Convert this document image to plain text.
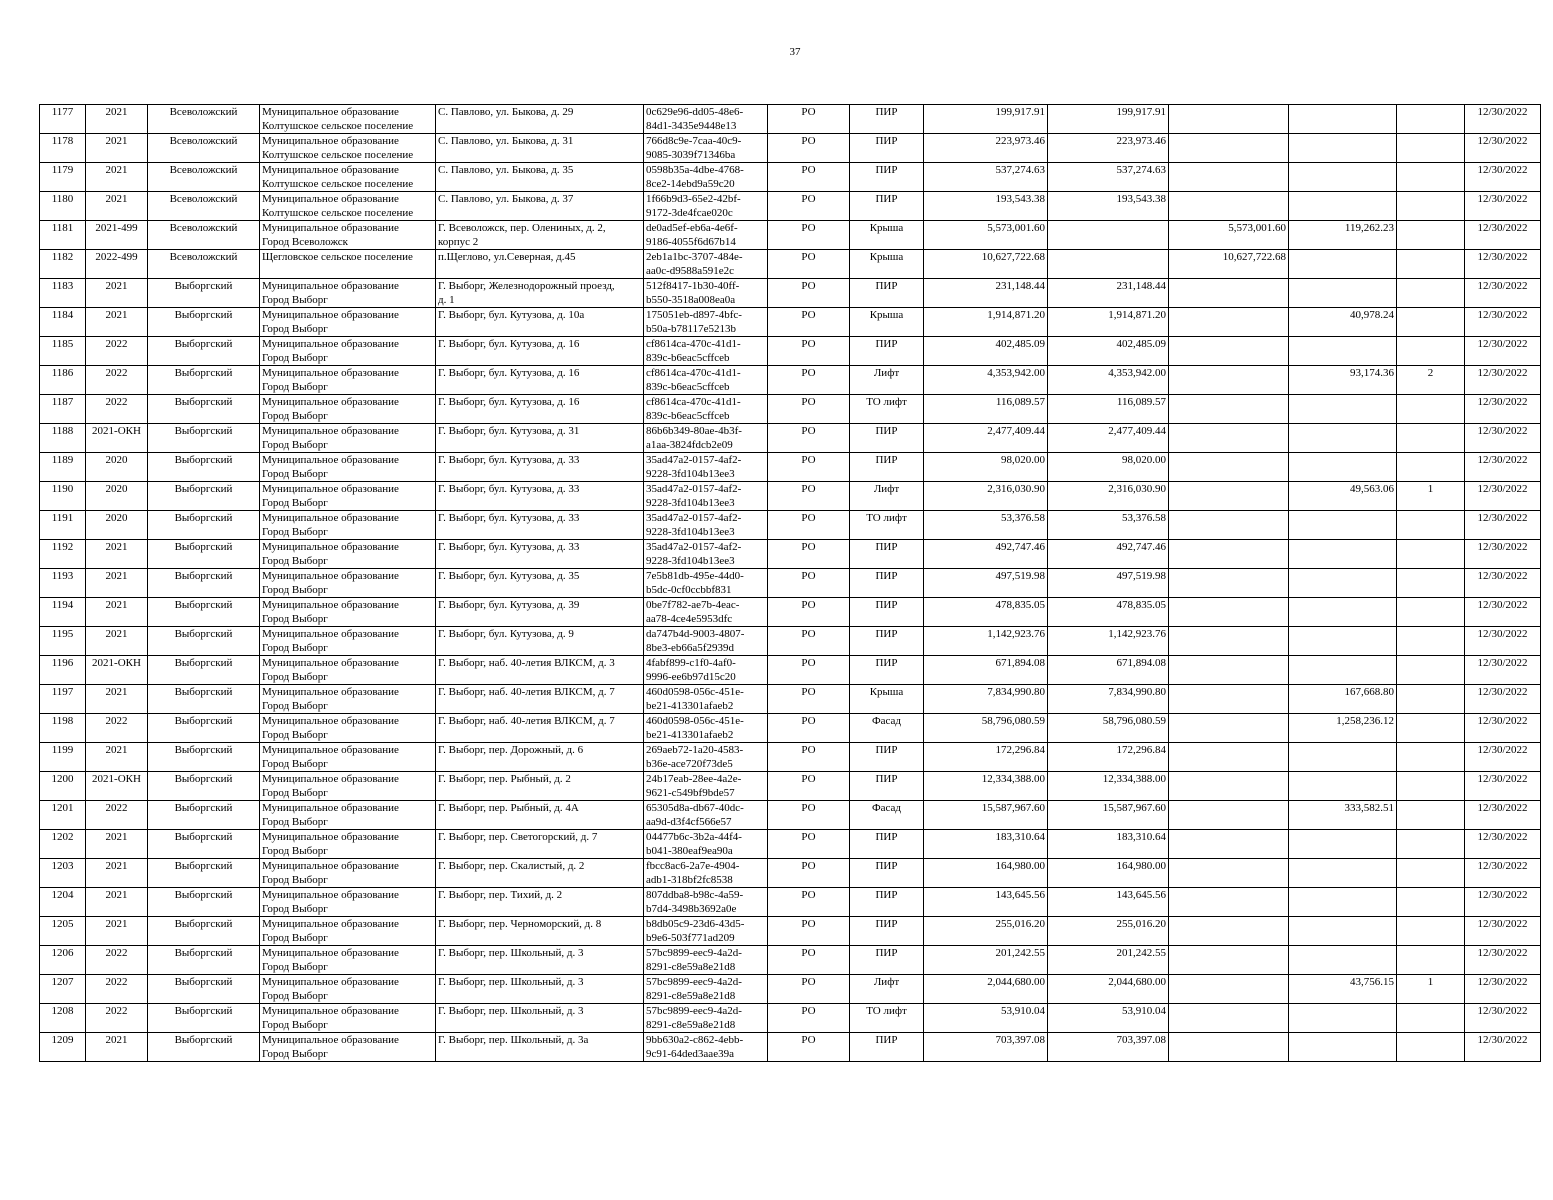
37
1177	2021	Всеволожский	Муниципальное образование
Колтушское сельское поселение	С. Павлово, ул. Быкова, д. 29	0c629e96-dd05-48e6-
84d1-3435e9448e13	РО	ПИР	199,917.91	199,917.91				12/30/2022

1178	2021	Всеволожский	Муниципальное образование
Колтушское сельское поселение	С. Павлово, ул. Быкова, д. 31	766d8c9e-7caa-40c9-
9085-3039f71346ba	РО	ПИР	223,973.46	223,973.46				12/30/2022

1179	2021	Всеволожский	Муниципальное образование
Колтушское сельское поселение	С. Павлово, ул. Быкова, д. 35	0598b35a-4dbe-4768-
8ce2-14ebd9a59c20	РО	ПИР	537,274.63	537,274.63				12/30/2022

1180	2021	Всеволожский	Муниципальное образование
Колтушское сельское поселение	С. Павлово, ул. Быкова, д. 37	1f66b9d3-65e2-42bf-
9172-3de4fcae020c	РО	ПИР	193,543.38	193,543.38				12/30/2022

1181	2021-499	Всеволожский	Муниципальное образование
Город Всеволожск	Г. Всеволожск, пер. Олениных, д. 2,
корпус 2	de0ad5ef-eb6a-4e6f-
9186-4055f6d67b14	РО	Крыша	5,573,001.60		5,573,001.60	119,262.23		12/30/2022

1182	2022-499	Всеволожский	Щегловское сельское поселение	п.Щеглово, ул.Северная, д.45	2eb1a1bc-3707-484e-
aa0c-d9588a591e2c	РО	Крыша	10,627,722.68		10,627,722.68			12/30/2022

1183	2021	Выборгский	Муниципальное образование
Город Выборг	Г. Выборг, Железнодорожный проезд,
д. 1	512f8417-1b30-40ff-
b550-3518a008ea0a	РО	ПИР	231,148.44	231,148.44				12/30/2022

1184	2021	Выборгский	Муниципальное образование
Город Выборг	Г. Выборг, бул. Кутузова, д. 10а	175051eb-d897-4bfc-
b50a-b78117e5213b	РО	Крыша	1,914,871.20	1,914,871.20		40,978.24		12/30/2022

1185	2022	Выборгский	Муниципальное образование
Город Выборг	Г. Выборг, бул. Кутузова, д. 16	cf8614ca-470c-41d1-
839c-b6eac5cffceb	РО	ПИР	402,485.09	402,485.09				12/30/2022

1186	2022	Выборгский	Муниципальное образование
Город Выборг	Г. Выборг, бул. Кутузова, д. 16	cf8614ca-470c-41d1-
839c-b6eac5cffceb	РО	Лифт	4,353,942.00	4,353,942.00		93,174.36	2	12/30/2022

1187	2022	Выборгский	Муниципальное образование
Город Выборг	Г. Выборг, бул. Кутузова, д. 16	cf8614ca-470c-41d1-
839c-b6eac5cffceb	РО	ТО лифт	116,089.57	116,089.57				12/30/2022

1188	2021-ОКН	Выборгский	Муниципальное образование
Город Выборг	Г. Выборг, бул. Кутузова, д. 31	86b6b349-80ae-4b3f-
a1aa-3824fdcb2e09	РО	ПИР	2,477,409.44	2,477,409.44				12/30/2022

1189	2020	Выборгский	Муниципальное образование
Город Выборг	Г. Выборг, бул. Кутузова, д. 33	35ad47a2-0157-4af2-
9228-3fd104b13ee3	РО	ПИР	98,020.00	98,020.00				12/30/2022

1190	2020	Выборгский	Муниципальное образование
Город Выборг	Г. Выборг, бул. Кутузова, д. 33	35ad47a2-0157-4af2-
9228-3fd104b13ee3	РО	Лифт	2,316,030.90	2,316,030.90		49,563.06	1	12/30/2022

1191	2020	Выборгский	Муниципальное образование
Город Выборг	Г. Выборг, бул. Кутузова, д. 33	35ad47a2-0157-4af2-
9228-3fd104b13ee3	РО	ТО лифт	53,376.58	53,376.58				12/30/2022

1192	2021	Выборгский	Муниципальное образование
Город Выборг	Г. Выборг, бул. Кутузова, д. 33	35ad47a2-0157-4af2-
9228-3fd104b13ee3	РО	ПИР	492,747.46	492,747.46				12/30/2022

1193	2021	Выборгский	Муниципальное образование
Город Выборг	Г. Выборг, бул. Кутузова, д. 35	7e5b81db-495e-44d0-
b5dc-0cf0ccbbf831	РО	ПИР	497,519.98	497,519.98				12/30/2022

1194	2021	Выборгский	Муниципальное образование
Город Выборг	Г. Выборг, бул. Кутузова, д. 39	0be7f782-ae7b-4eac-
aa78-4ce4e5953dfc	РО	ПИР	478,835.05	478,835.05				12/30/2022

1195	2021	Выборгский	Муниципальное образование
Город Выборг	Г. Выборг, бул. Кутузова, д. 9	da747b4d-9003-4807-
8be3-eb66a5f2939d	РО	ПИР	1,142,923.76	1,142,923.76				12/30/2022

1196	2021-ОКН	Выборгский	Муниципальное образование
Город Выборг	Г. Выборг, наб. 40-летия ВЛКСМ, д. 3	4fabf899-c1f0-4af0-
9996-ee6b97d15c20	РО	ПИР	671,894.08	671,894.08				12/30/2022

1197	2021	Выборгский	Муниципальное образование
Город Выборг	Г. Выборг, наб. 40-летия ВЛКСМ, д. 7	460d0598-056c-451e-
be21-413301afaeb2	РО	Крыша	7,834,990.80	7,834,990.80		167,668.80		12/30/2022

1198	2022	Выборгский	Муниципальное образование
Город Выборг	Г. Выборг, наб. 40-летия ВЛКСМ, д. 7	460d0598-056c-451e-
be21-413301afaeb2	РО	Фасад	58,796,080.59	58,796,080.59		1,258,236.12		12/30/2022

1199	2021	Выборгский	Муниципальное образование
Город Выборг	Г. Выборг, пер. Дорожный, д. 6	269aeb72-1a20-4583-
b36e-ace720f73de5	РО	ПИР	172,296.84	172,296.84				12/30/2022

1200	2021-ОКН	Выборгский	Муниципальное образование
Город Выборг	Г. Выборг, пер. Рыбный, д. 2	24b17eab-28ee-4a2e-
9621-c549bf9bde57	РО	ПИР	12,334,388.00	12,334,388.00				12/30/2022

1201	2022	Выборгский	Муниципальное образование
Город Выборг	Г. Выборг, пер. Рыбный, д. 4А	65305d8a-db67-40dc-
aa9d-d3f4cf566e57	РО	Фасад	15,587,967.60	15,587,967.60		333,582.51		12/30/2022

1202	2021	Выборгский	Муниципальное образование
Город Выборг	Г. Выборг, пер. Светогорский, д. 7	04477b6c-3b2a-44f4-
b041-380eaf9ea90a	РО	ПИР	183,310.64	183,310.64				12/30/2022

1203	2021	Выборгский	Муниципальное образование
Город Выборг	Г. Выборг, пер. Скалистый, д. 2	fbcc8ac6-2a7e-4904-
adb1-318bf2fc8538	РО	ПИР	164,980.00	164,980.00				12/30/2022

1204	2021	Выборгский	Муниципальное образование
Город Выборг	Г. Выборг, пер. Тихий, д. 2	807ddba8-b98c-4a59-
b7d4-3498b3692a0e	РО	ПИР	143,645.56	143,645.56				12/30/2022

1205	2021	Выборгский	Муниципальное образование
Город Выборг	Г. Выборг, пер. Черноморский, д. 8	b8db05c9-23d6-43d5-
b9e6-503f771ad209	РО	ПИР	255,016.20	255,016.20				12/30/2022

1206	2022	Выборгский	Муниципальное образование
Город Выборг	Г. Выборг, пер. Школьный, д. 3	57bc9899-eec9-4a2d-
8291-c8e59a8e21d8	РО	ПИР	201,242.55	201,242.55				12/30/2022

1207	2022	Выборгский	Муниципальное образование
Город Выборг	Г. Выборг, пер. Школьный, д. 3	57bc9899-eec9-4a2d-
8291-c8e59a8e21d8	РО	Лифт	2,044,680.00	2,044,680.00		43,756.15	1	12/30/2022

1208	2022	Выборгский	Муниципальное образование
Город Выборг	Г. Выборг, пер. Школьный, д. 3	57bc9899-eec9-4a2d-
8291-c8e59a8e21d8	РО	ТО лифт	53,910.04	53,910.04				12/30/2022

1209	2021	Выборгский	Муниципальное образование
Город Выборг	Г. Выборг, пер. Школьный, д. 3а	9bb630a2-c862-4ebb-
9c91-64ded3aae39a	РО	ПИР	703,397.08	703,397.08				12/30/2022
